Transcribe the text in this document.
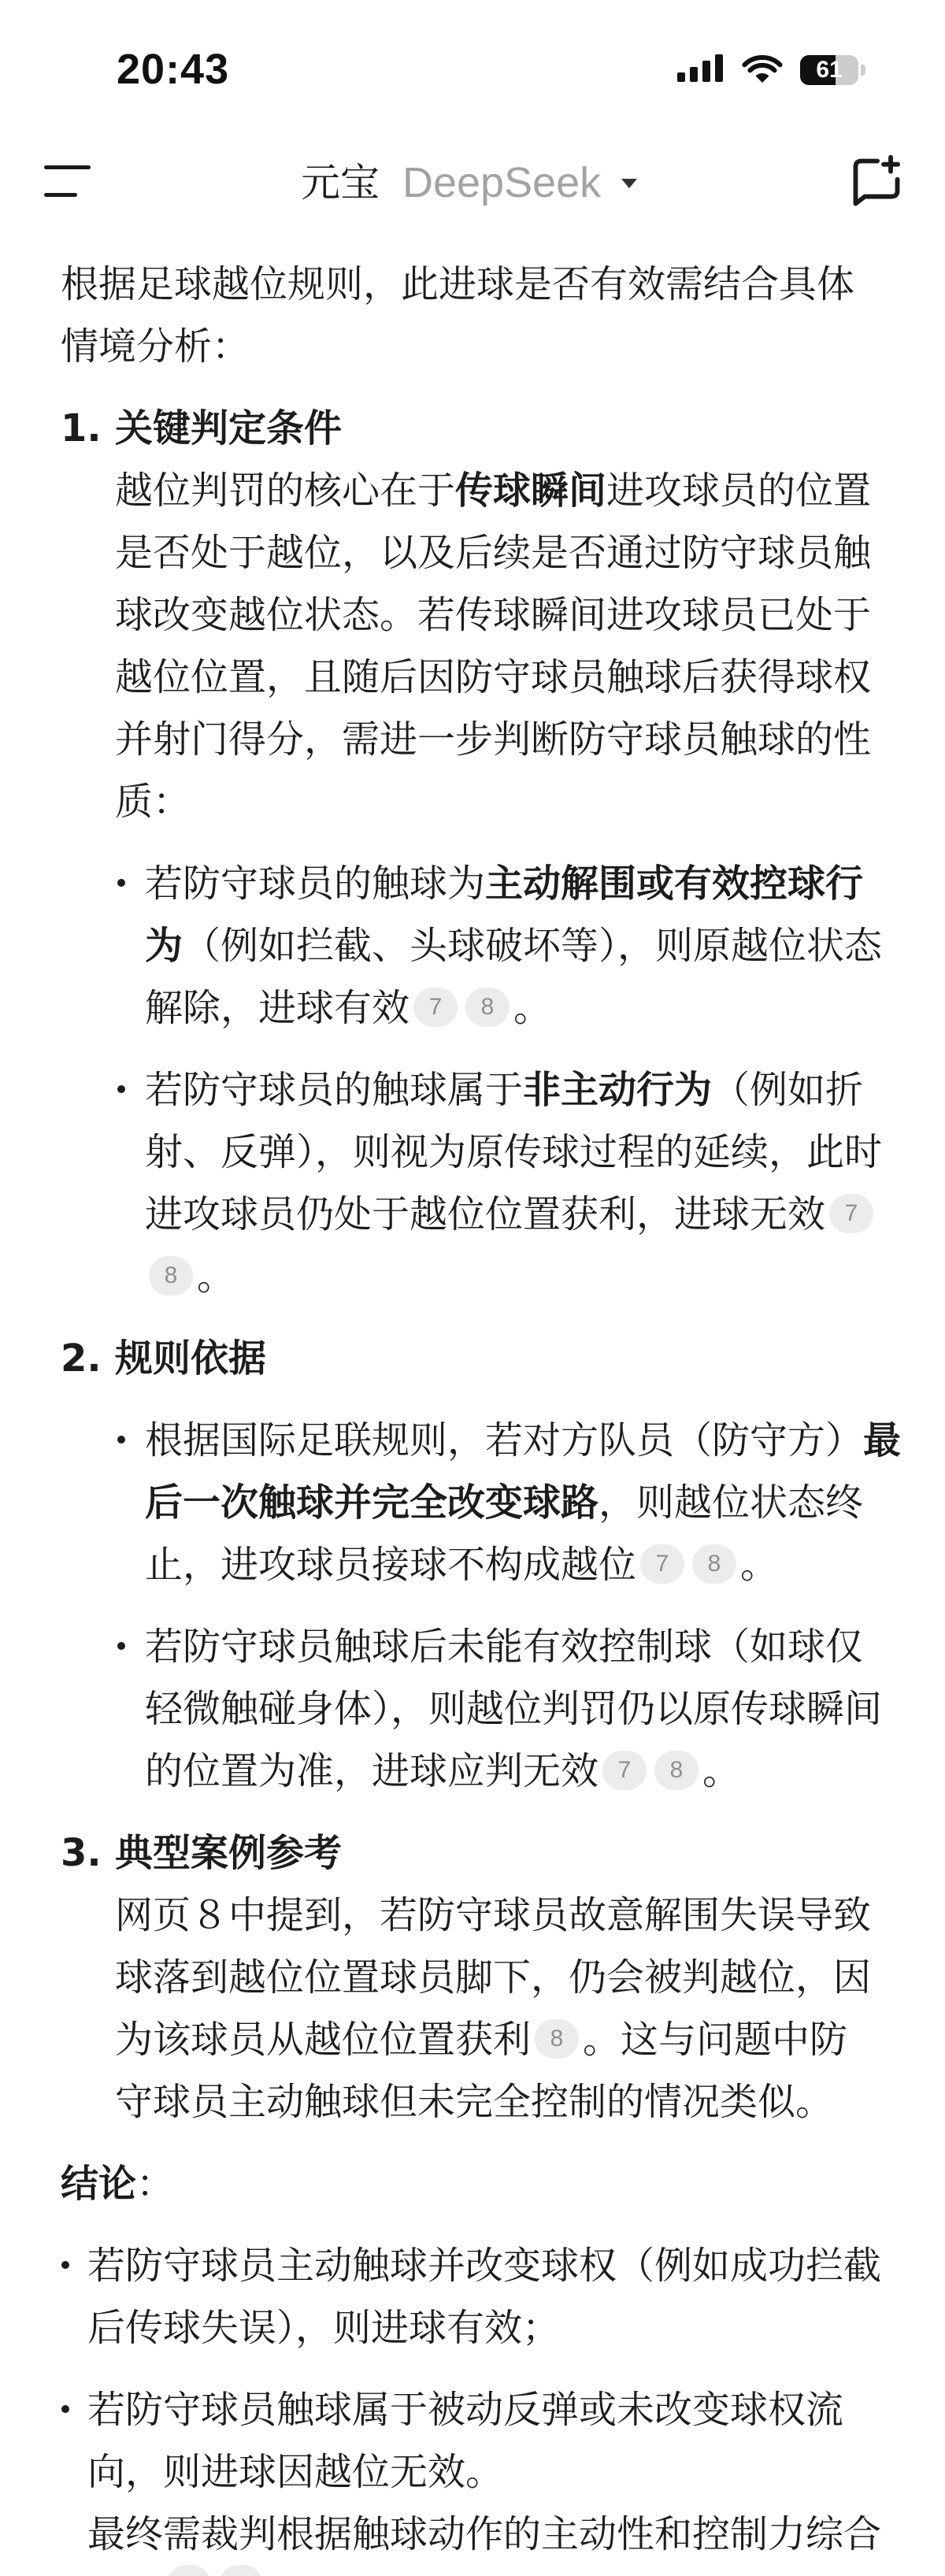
20:43	61
元宝 DeepSeek
根据足球越位规则，此进球是否有效需结合具体
情境分析：
1. 关键判定条件
越位判罚的核心在于传球瞬间进攻球员的位置
是否处于越位，以及后续是否通过防守球员触
球改变越位状态。若传球瞬间进攻球员已处于
越位位置，且随后因防守球员触球后获得球权
并射门得分，需进一步判断防守球员触球的性
质：
若防守球员的触球为主动解围或有效控球行
为（例如拦截、头球破坏等），则原越位状态
解除，进球有效 7 8 。
若防守球员的触球属于非主动行为（例如折
射、反弹），则视为原传球过程的延续，此时
进攻球员仍处于越位位置获利，进球无效 7
8 。
2. 规则依据
根据国际足联规则，若对方队员（防守方）最
后一次触球并完全改变球路，则越位状态终
止，进攻球员接球不构成越位 7 8 。
若防守球员触球后未能有效控制球（如球仅
轻微触碰身体），则越位判罚仍以原传球瞬间
的位置为准，进球应判无效 7 8 。
3. 典型案例参考
网页８中提到，若防守球员故意解围失误导致
球落到越位位置球员脚下，仍会被判越位，因
为该球员从越位位置获利 8 。这与问题中防
守球员主动触球但未完全控制的情况类似。
结论：
若防守球员主动触球并改变球权（例如成功拦截
后传球失误），则进球有效；
若防守球员触球属于被动反弹或未改变球权流
向，则进球因越位无效。
最终需裁判根据触球动作的主动性和控制力综合
